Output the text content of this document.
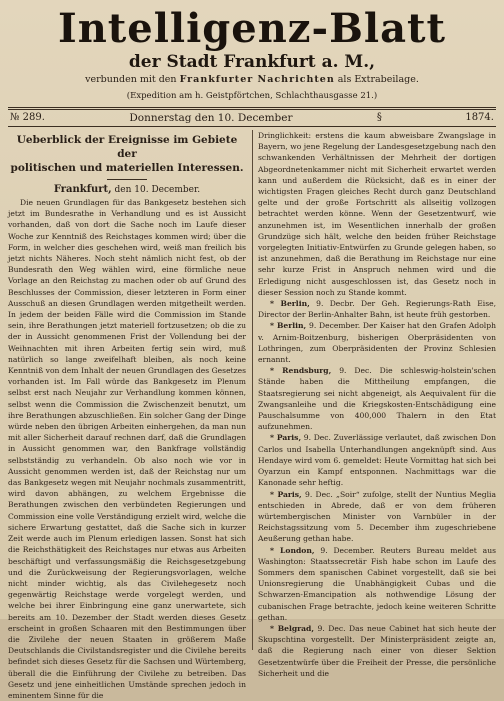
Intelligenz-Blatt
der Stadt Frankfurt a. M.,
verbunden mit den Frankfurter Nachrichten als Extrabeilage.
(Expedition am h. Geistpförtchen, Schlachthausgasse 21.)
№ 289.	Donnerstag den 10. December	§	1874.
Ueberblick der Ereignisse im Gebiete der
politischen und materiellen Interessen.
Frankfurt, den 10. December.

Die neuen Grundlagen für das Bankgesetz bestehen sich jetzt im Bundesrathe in Verhandlung und es ist Aussicht vorhanden, daß von dort die Sache noch im Laufe dieser Woche zur Kenntniß des Reichstages kommen wird; über die Form, in welcher dies geschehen wird, weiß man freilich bis jetzt nichts Näheres. Noch steht nämlich nicht fest, ob der Bundesrath den Weg wählen wird, eine förmliche neue Vorlage an den Reichstag zu machen oder ob auf Grund des Beschlusses der Commission, dieser letzteren in Form einer Ausschuß an diesen Grundlagen werden mitgetheilt werden. In jedem der beiden Fälle wird die Commission im Stande sein, ihre Berathungen jetzt materiell fortzusetzen; ob die zu der in Aussicht genommenen Frist der Vollendung bei der Weihnachten mit ihren Arbeiten fertig sein wird, muß natürlich so lange zweifelhaft bleiben, als noch keine Kenntniß von dem Inhalt der neuen Grundlagen des Gesetzes vorhanden ist. Im Fall würde das Bankgesetz im Plenum selbst erst nach Neujahr zur Verhandlung kommen können, selbst wenn die Commission die Zwischenzeit benutzt, um ihre Berathungen abzuschließen. Ein solcher Gang der Dinge würde neben den übrigen Arbeiten einhergehen, da man nun mit aller Sicherheit darauf rechnen darf, daß die Grundlagen in Aussicht genommen war, den Bankfrage vollständig selbstständig zu verhandeln. Ob also noch wie vor in Aussicht genommen werden ist, daß der Reichstag nur um das Bankgesetz wegen mit Neujahr nochmals zusammentritt, wird davon abhängen, zu welchem Ergebnisse die Berathungen zwischen den verbündeten Regierungen und Commission eine volle Verständigung erzielt wird, welche die sichere Erwartung gestattet, daß die Sache sich in kurzer Zeit werde auch im Plenum erledigen lassen. Sonst hat sich die Reichsthätigkeit des Reichstages nur etwas aus Arbeiten beschäftigt und verfassungsmäßig die Reichsgesetzgebung und die Zurückweisung der Regierungsvorlagen, welche nicht minder wichtig, als das Civilehegesetz noch gegenwärtig Reichstage werde vorgelegt werden, und welche bei ihrer Einbringung eine ganz unerwartete, sich bereits am 10. Dezember der Stadt werden dieses Gesetz erscheint in großen Schaaren mit den Bestimmungen über die Zivilehe der neuen Staaten in größerem Maße Deutschlands die Civilstandsregister und die Civilehe bereits befindet sich dieses Gesetz für die Sachsen und Würtemberg, überall die die Einführung der Civilehe zu betreiben. Das Gesetz und jene einheitlichen Umstände sprechen jedoch in eminentem Sinne für die

Dringlichkeit: erstens die kaum abweisbare Zwangslage in Bayern, wo jene Regelung der Landesgesetzgebung nach den schwankenden Verhältnissen der Mehrheit der dortigen Abgeordnetenkammer nicht mit Sicherheit erwartet werden kann und außerdem die Rücksicht, daß es in einer der wichtigsten Fragen gleiches Recht durch ganz Deutschland gelte und der große Fortschritt als allseitig vollzogen betrachtet werden könne. Wenn der Gesetzentwurf, wie anzunehmen ist, im Wesentlichen innerhalb der großen Grundzüge sich hält, welche den beiden früher Reichstage vorgelegten Initiativ-Entwürfen zu Grunde gelegen haben, so ist anzunehmen, daß die Berathung im Reichstage nur eine sehr kurze Frist in Anspruch nehmen wird und die Erledigung nicht ausgeschlossen ist, das Gesetz noch in dieser Session noch zu Stande kommt.

* Berlin, 9. Decbr. Der Geh. Regierungs-Rath Eise, Director der Berlin-Anhalter Bahn, ist heute früh gestorben.

* Berlin, 9. December. Der Kaiser hat den Grafen Adolph v. Arnim-Boitzenburg, bisherigen Oberpräsidenten von Lothringen, zum Oberpräsidenten der Provinz Schlesien ernannt.

* Rendsburg, 9. Dec. Die schleswig-holstein'schen Stände haben die Mittheilung empfangen, die Staatsregierung sei nicht abgeneigt, als Aequivalent für die Zwangsanleihe und die Kriegskosten-Entschädigung eine Pauschalsumme von 400,000 Thalern in den Etat aufzunehmen.

* Paris, 9. Dec. Zuverlässige verlautet, daß zwischen Don Carlos und Isabella Unterhandlungen angeknüpft sind. Aus Hendaye wird vom 6. gemeldet: Heute Vormittag hat sich bei Oyarzun ein Kampf entsponnen. Nachmittags war die Kanonade sehr heftig.

* Paris, 9. Dec. „Soir“ zufolge, stellt der Nuntius Meglia entschieden in Abrede, daß er von dem früheren würtembergischen Minister von Varnbüler in der Reichstagssitzung vom 5. December ihm zugeschriebene Aeußerung gethan habe.

* London, 9. December. Reuters Bureau meldet aus Washington: Staatssecretär Fish habe schon im Laufe des Sommers dem spanischen Cabinet vorgestellt, daß sie bei Unionsregierung die Unabhängigkeit Cubas und die Schwarzen-Emancipation als nothwendige Lösung der cubanischen Frage betrachte, jedoch keine weiteren Schritte gethan.

* Belgrad, 9. Dec. Das neue Cabinet hat sich heute der Skupschtina vorgestellt. Der Ministerpräsident zeigte an, daß die Regierung nach einer von dieser Sektion Gesetzentwürfe über die Freiheit der Presse, die persönliche Sicherheit und die
